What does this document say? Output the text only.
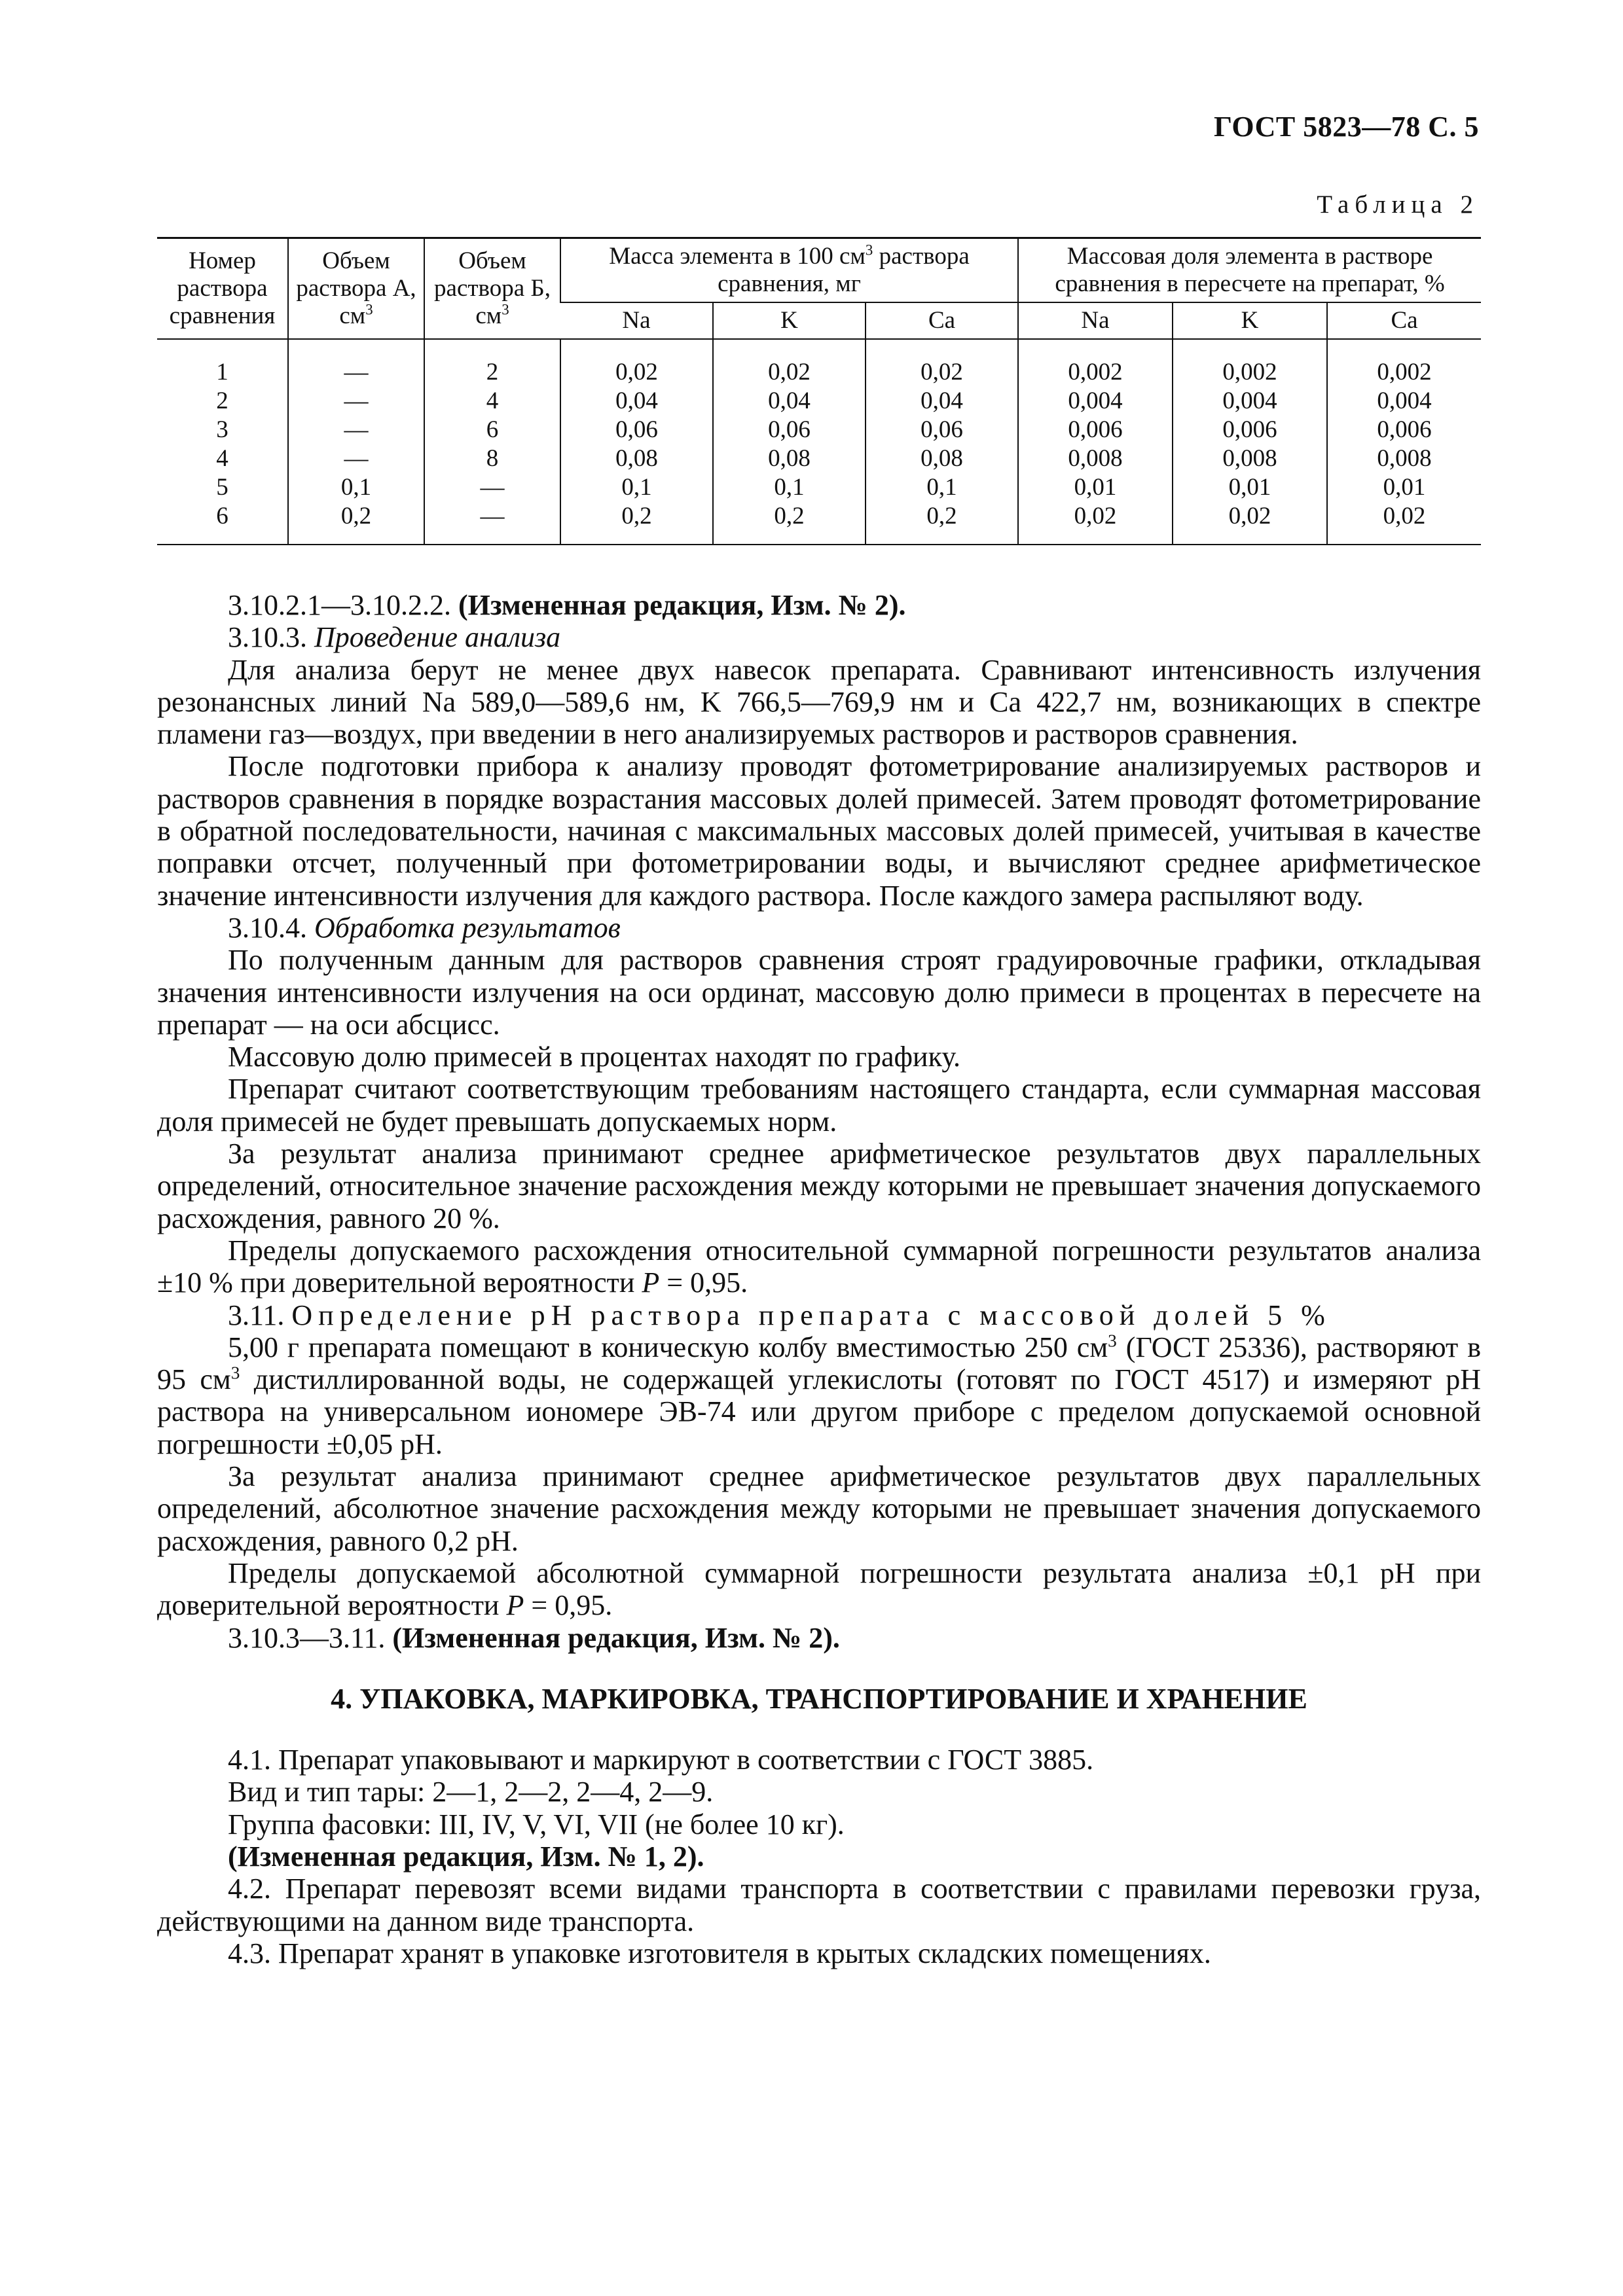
ГОСТ 5823—78 С. 5
Таблица 2
Номер раствора сравнения	Объем раствора А, $см^3$	Объем раствора Б, $см^3$	Масса элемента в 100 $см^3$ раствора сравнения, мг			Массовая доля элемента в растворе сравнения в пересчете на препарат, %		
			Na	K	Ca	Na	K	Ca
1	—	2	0,02	0,02	0,02	0,002	0,002	0,002
2	—	4	0,04	0,04	0,04	0,004	0,004	0,004
3	—	6	0,06	0,06	0,06	0,006	0,006	0,006
4	—	8	0,08	0,08	0,08	0,008	0,008	0,008
5	0,1	—	0,1	0,1	0,1	0,01	0,01	0,01
6	0,2	—	0,2	0,2	0,2	0,02	0,02	0,02

3.10.2.1—3.10.2.2. (Измененная редакция, Изм. № 2).

3.10.3. Проведение анализа

Для анализа берут не менее двух навесок препарата. Сравнивают интенсивность излучения резонансных линий Na 589,0—589,6 нм, K 766,5—769,9 нм и Ca 422,7 нм, возникающих в спектре пламени газ—воздух, при введении в него анализируемых растворов и растворов сравнения.

После подготовки прибора к анализу проводят фотометрирование анализируемых растворов и растворов сравнения в порядке возрастания массовых долей примесей. Затем проводят фотометрирование в обратной последовательности, начиная с максимальных массовых долей примесей, учитывая в качестве поправки отсчет, полученный при фотометрировании воды, и вычисляют среднее арифметическое значение интенсивности излучения для каждого раствора. После каждого замера распыляют воду.

3.10.4. Обработка результатов

По полученным данным для растворов сравнения строят градуировочные графики, откладывая значения интенсивности излучения на оси ординат, массовую долю примеси в процентах в пересчете на препарат — на оси абсцисс.

Массовую долю примесей в процентах находят по графику.

Препарат считают соответствующим требованиям настоящего стандарта, если суммарная массовая доля примесей не будет превышать допускаемых норм.

За результат анализа принимают среднее арифметическое результатов двух параллельных определений, относительное значение расхождения между которыми не превышает значения допускаемого расхождения, равного 20 %.

Пределы допускаемого расхождения относительной суммарной погрешности результатов анализа ±10 % при доверительной вероятности Р = 0,95.

3.11. Определение pH раствора препарата с массовой долей 5 %

5,00 г препарата помещают в коническую колбу вместимостью 250 $см^3$ (ГОСТ 25336), растворяют в 95 $см^3$ дистиллированной воды, не содержащей углекислоты (готовят по ГОСТ 4517) и измеряют pH раствора на универсальном иономере ЭВ-74 или другом приборе с пределом допускаемой основной погрешности ±0,05 pH.

За результат анализа принимают среднее арифметическое результатов двух параллельных определений, абсолютное значение расхождения между которыми не превышает значения допускаемого расхождения, равного 0,2 pH.

Пределы допускаемой абсолютной суммарной погрешности результата анализа ±0,1 pH при доверительной вероятности Р = 0,95.

3.10.3—3.11. (Измененная редакция, Изм. № 2).

4. УПАКОВКА, МАРКИРОВКА, ТРАНСПОРТИРОВАНИЕ И ХРАНЕНИЕ

4.1. Препарат упаковывают и маркируют в соответствии с ГОСТ 3885.

Вид и тип тары: 2—1, 2—2, 2—4, 2—9.

Группа фасовки: III, IV, V, VI, VII (не более 10 кг).

(Измененная редакция, Изм. № 1, 2).

4.2. Препарат перевозят всеми видами транспорта в соответствии с правилами перевозки груза, действующими на данном виде транспорта.

4.3. Препарат хранят в упаковке изготовителя в крытых складских помещениях.
